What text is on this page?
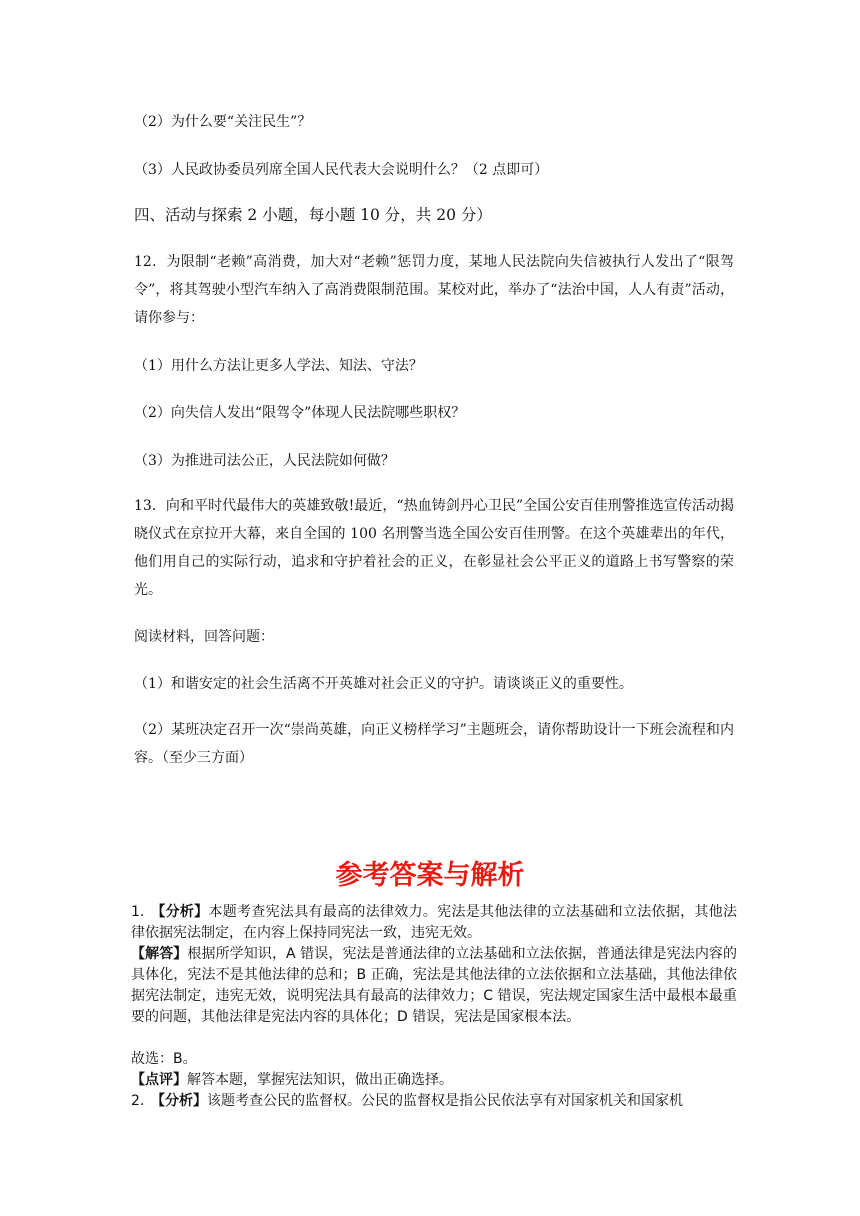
（2）为什么要“关注民生”？

（3）人民政协委员列席全国人民代表大会说明什么？（2 点即可）

四、活动与探索 2 小题，每小题 10 分，共 20 分）

12．为限制“老赖”高消费，加大对“老赖”惩罚力度，某地人民法院向失信被执行人发出了“限驾令”，将其驾驶小型汽车纳入了高消费限制范围。某校对此，举办了“法治中国，人人有责”活动，请你参与：

（1）用什么方法让更多人学法、知法、守法？

（2）向失信人发出“限驾令”体现人民法院哪些职权？

（3）为推进司法公正，人民法院如何做？

13．向和平时代最伟大的英雄致敬!最近，“热血铸剑丹心卫民”全国公安百佳刑警推选宣传活动揭晓仪式在京拉开大幕，来自全国的 100 名刑警当选全国公安百佳刑警。在这个英雄辈出的年代，他们用自己的实际行动，追求和守护着社会的正义，在彰显社会公平正义的道路上书写警察的荣光。

阅读材料，回答问题：

（1）和谐安定的社会生活离不开英雄对社会正义的守护。请谈谈正义的重要性。

（2）某班决定召开一次“崇尚英雄，向正义榜样学习”主题班会，请你帮助设计一下班会流程和内容。（至少三方面）

参考答案与解析

1. 【分析】本题考查宪法具有最高的法律效力。宪法是其他法律的立法基础和立法依据，其他法律依据宪法制定，在内容上保持同宪法一致，违宪无效。

【解答】根据所学知识，A 错误，宪法是普通法律的立法基础和立法依据，普通法律是宪法内容的具体化，宪法不是其他法律的总和；B 正确，宪法是其他法律的立法依据和立法基础，其他法律依据宪法制定，违宪无效，说明宪法具有最高的法律效力；C 错误，宪法规定国家生活中最根本最重要的问题，其他法律是宪法内容的具体化；D 错误，宪法是国家根本法。

故选：B。

【点评】解答本题，掌握宪法知识，做出正确选择。

2. 【分析】该题考查公民的监督权。公民的监督权是指公民依法享有对国家机关和国家机
